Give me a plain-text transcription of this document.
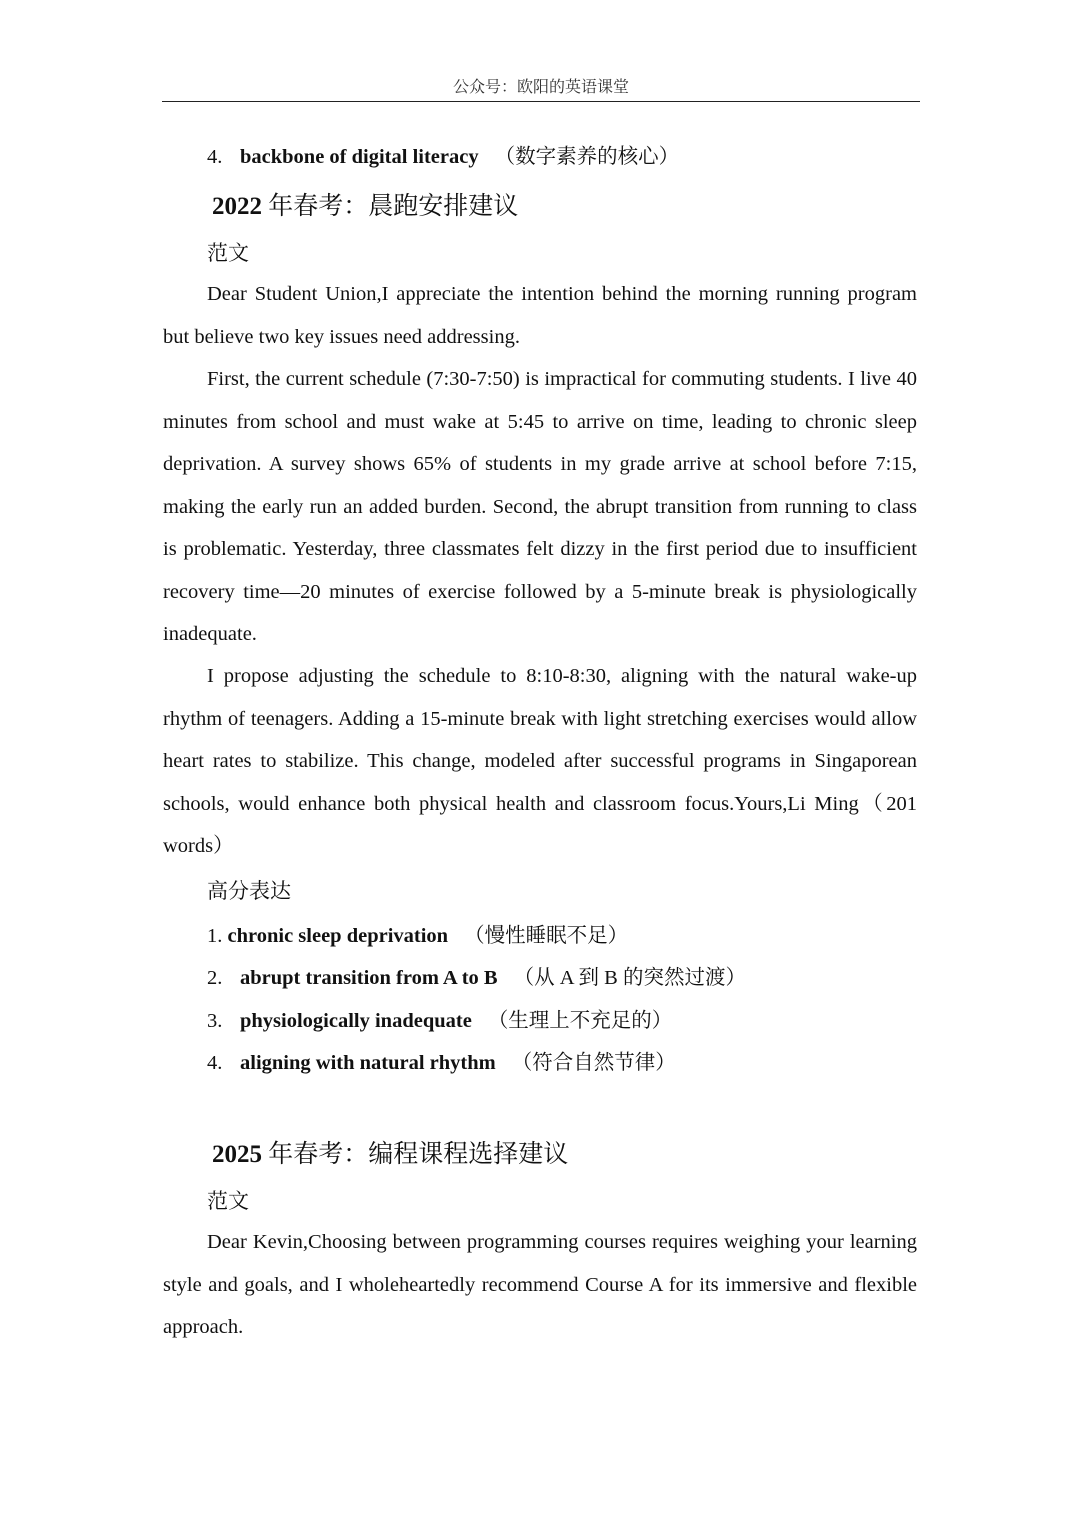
公众号：欧阳的英语课堂
4. backbone of digital literacy （数字素养的核心）
2022 年春考：晨跑安排建议
范文

Dear Student Union,I appreciate the intention behind the morning running program but believe two key issues need addressing.

First, the current schedule (7:30-7:50) is impractical for commuting students. I live 40 minutes from school and must wake at 5:45 to arrive on time, leading to chronic sleep deprivation. A survey shows 65% of students in my grade arrive at school before 7:15, making the early run an added burden. Second, the abrupt transition from running to class is problematic. Yesterday, three classmates felt dizzy in the first period due to insufficient recovery time—20 minutes of exercise followed by a 5-minute break is physiologically inadequate.

I propose adjusting the schedule to 8:10-8:30, aligning with the natural wake-up rhythm of teenagers. Adding a 15-minute break with light stretching exercises would allow heart rates to stabilize. This change, modeled after successful programs in Singaporean schools, would enhance both physical health and classroom focus.Yours,Li Ming（201 words）

高分表达
1. chronic sleep deprivation （慢性睡眠不足）
2. abrupt transition from A to B （从 A 到 B 的突然过渡）
3. physiologically inadequate （生理上不充足的）
4. aligning with natural rhythm （符合自然节律）
2025 年春考：编程课程选择建议
范文

Dear Kevin,Choosing between programming courses requires weighing your learning style and goals, and I wholeheartedly recommend Course A for its immersive and flexible approach.
